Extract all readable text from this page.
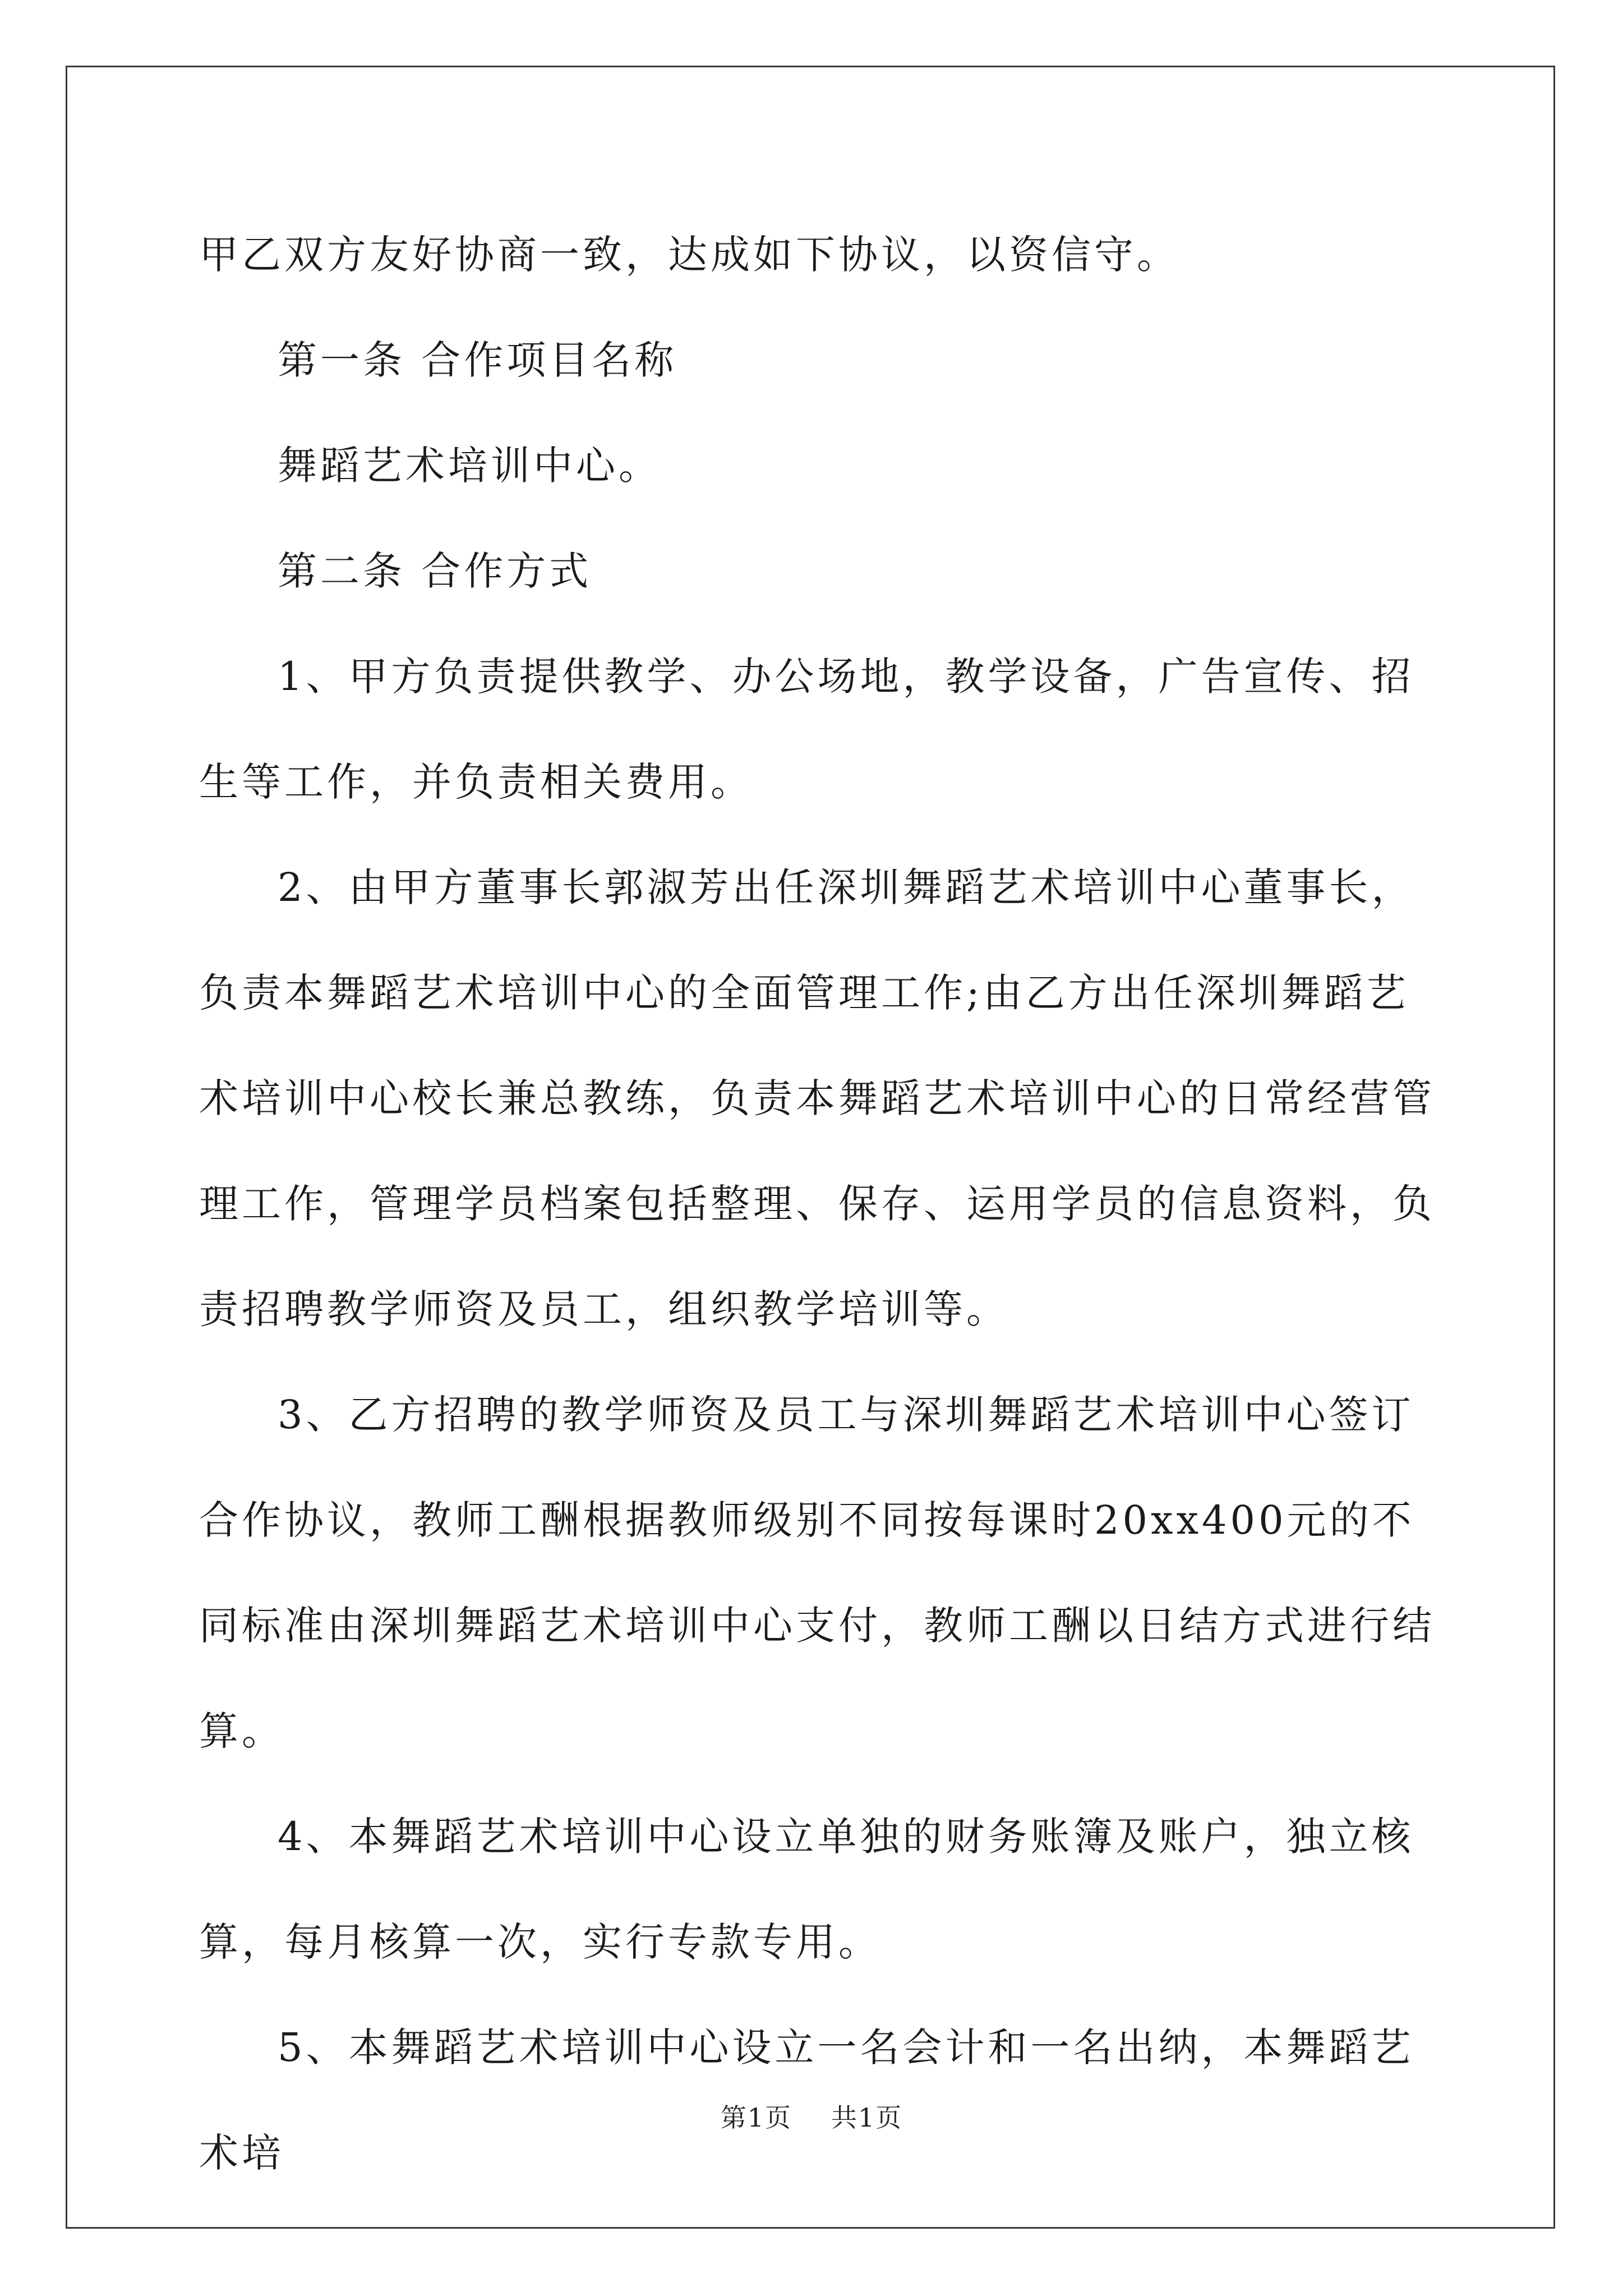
甲乙双方友好协商一致，达成如下协议，以资信守。

第一条 合作项目名称

舞蹈艺术培训中心。

第二条 合作方式

1、甲方负责提供教学、办公场地，教学设备，广告宣传、招生等工作，并负责相关费用。

2、由甲方董事长郭淑芳出任深圳舞蹈艺术培训中心董事长，负责本舞蹈艺术培训中心的全面管理工作;由乙方出任深圳舞蹈艺术培训中心校长兼总教练，负责本舞蹈艺术培训中心的日常经营管理工作，管理学员档案包括整理、保存、运用学员的信息资料，负责招聘教学师资及员工，组织教学培训等。

3、乙方招聘的教学师资及员工与深圳舞蹈艺术培训中心签订合作协议，教师工酬根据教师级别不同按每课时20xx400元的不同标准由深圳舞蹈艺术培训中心支付，教师工酬以日结方式进行结算。

4、本舞蹈艺术培训中心设立单独的财务账簿及账户，独立核算，每月核算一次，实行专款专用。

5、本舞蹈艺术培训中心设立一名会计和一名出纳，本舞蹈艺术培

第1页 共1页
